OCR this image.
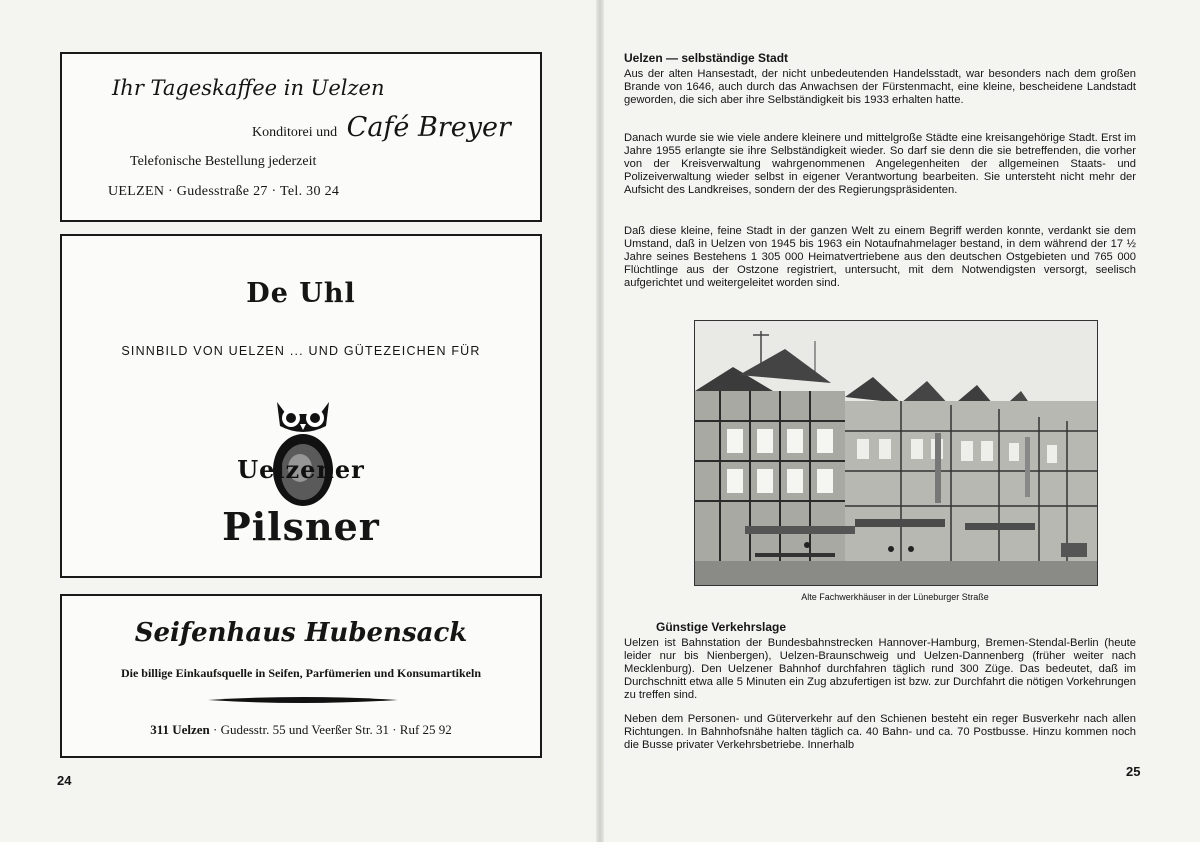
Ihr Tageskaffee in Uelzen
Konditorei und Café Breyer
Telefonische Bestellung jederzeit
UELZEN · Gudesstraße 27 · Tel. 30 24
De Uhl
SINNBILD VON UELZEN ... UND GÜTEZEICHEN FÜR
Uelzener
Pilsner
Seifenhaus Hubensack
Die billige Einkaufsquelle in Seifen, Parfümerien und Konsumartikeln
311 Uelzen · Gudesstr. 55 und Veerßer Str. 31 · Ruf 25 92
24
Uelzen — selbständige Stadt

Aus der alten Hansestadt, der nicht unbedeutenden Handelsstadt, war besonders nach dem großen Brande von 1646, auch durch das Anwachsen der Fürstenmacht, eine kleine, bescheidene Landstadt geworden, die sich aber ihre Selbständigkeit bis 1933 erhalten hatte.

Danach wurde sie wie viele andere kleinere und mittelgroße Städte eine kreisangehörige Stadt. Erst im Jahre 1955 erlangte sie ihre Selbständigkeit wieder. So darf sie denn die sie betreffenden, die vorher von der Kreisverwaltung wahrgenommenen Angelegenheiten der allgemeinen Staats- und Polizeiverwaltung wieder selbst in eigener Verantwortung bearbeiten. Sie untersteht nicht mehr der Aufsicht des Landkreises, sondern der des Regierungspräsidenten.

Daß diese kleine, feine Stadt in der ganzen Welt zu einem Begriff werden konnte, verdankt sie dem Umstand, daß in Uelzen von 1945 bis 1963 ein Notaufnahmelager bestand, in dem während der 17 ½ Jahre seines Bestehens 1 305 000 Heimatvertriebene aus den deutschen Ostgebieten und 765 000 Flüchtlinge aus der Ostzone registriert, untersucht, mit dem Notwendigsten versorgt, seelisch aufgerichtet und weitergeleitet worden sind.

Alte Fachwerkhäuser in der Lüneburger Straße
Günstige Verkehrslage

Uelzen ist Bahnstation der Bundesbahnstrecken Hannover-Hamburg, Bremen-Stendal-Berlin (heute leider nur bis Nienbergen), Uelzen-Braunschweig und Uelzen-Dannenberg (früher weiter nach Mecklenburg). Den Uelzener Bahnhof durchfahren täglich rund 300 Züge. Das bedeutet, daß im Durchschnitt etwa alle 5 Minuten ein Zug abzufertigen ist bzw. zur Durchfahrt die nötigen Vorkehrungen zu treffen sind.

Neben dem Personen- und Güterverkehr auf den Schienen besteht ein reger Busverkehr nach allen Richtungen. In Bahnhofsnähe halten täglich ca. 40 Bahn- und ca. 70 Postbusse. Hinzu kommen noch die Busse privater Verkehrsbetriebe. Innerhalb

25
